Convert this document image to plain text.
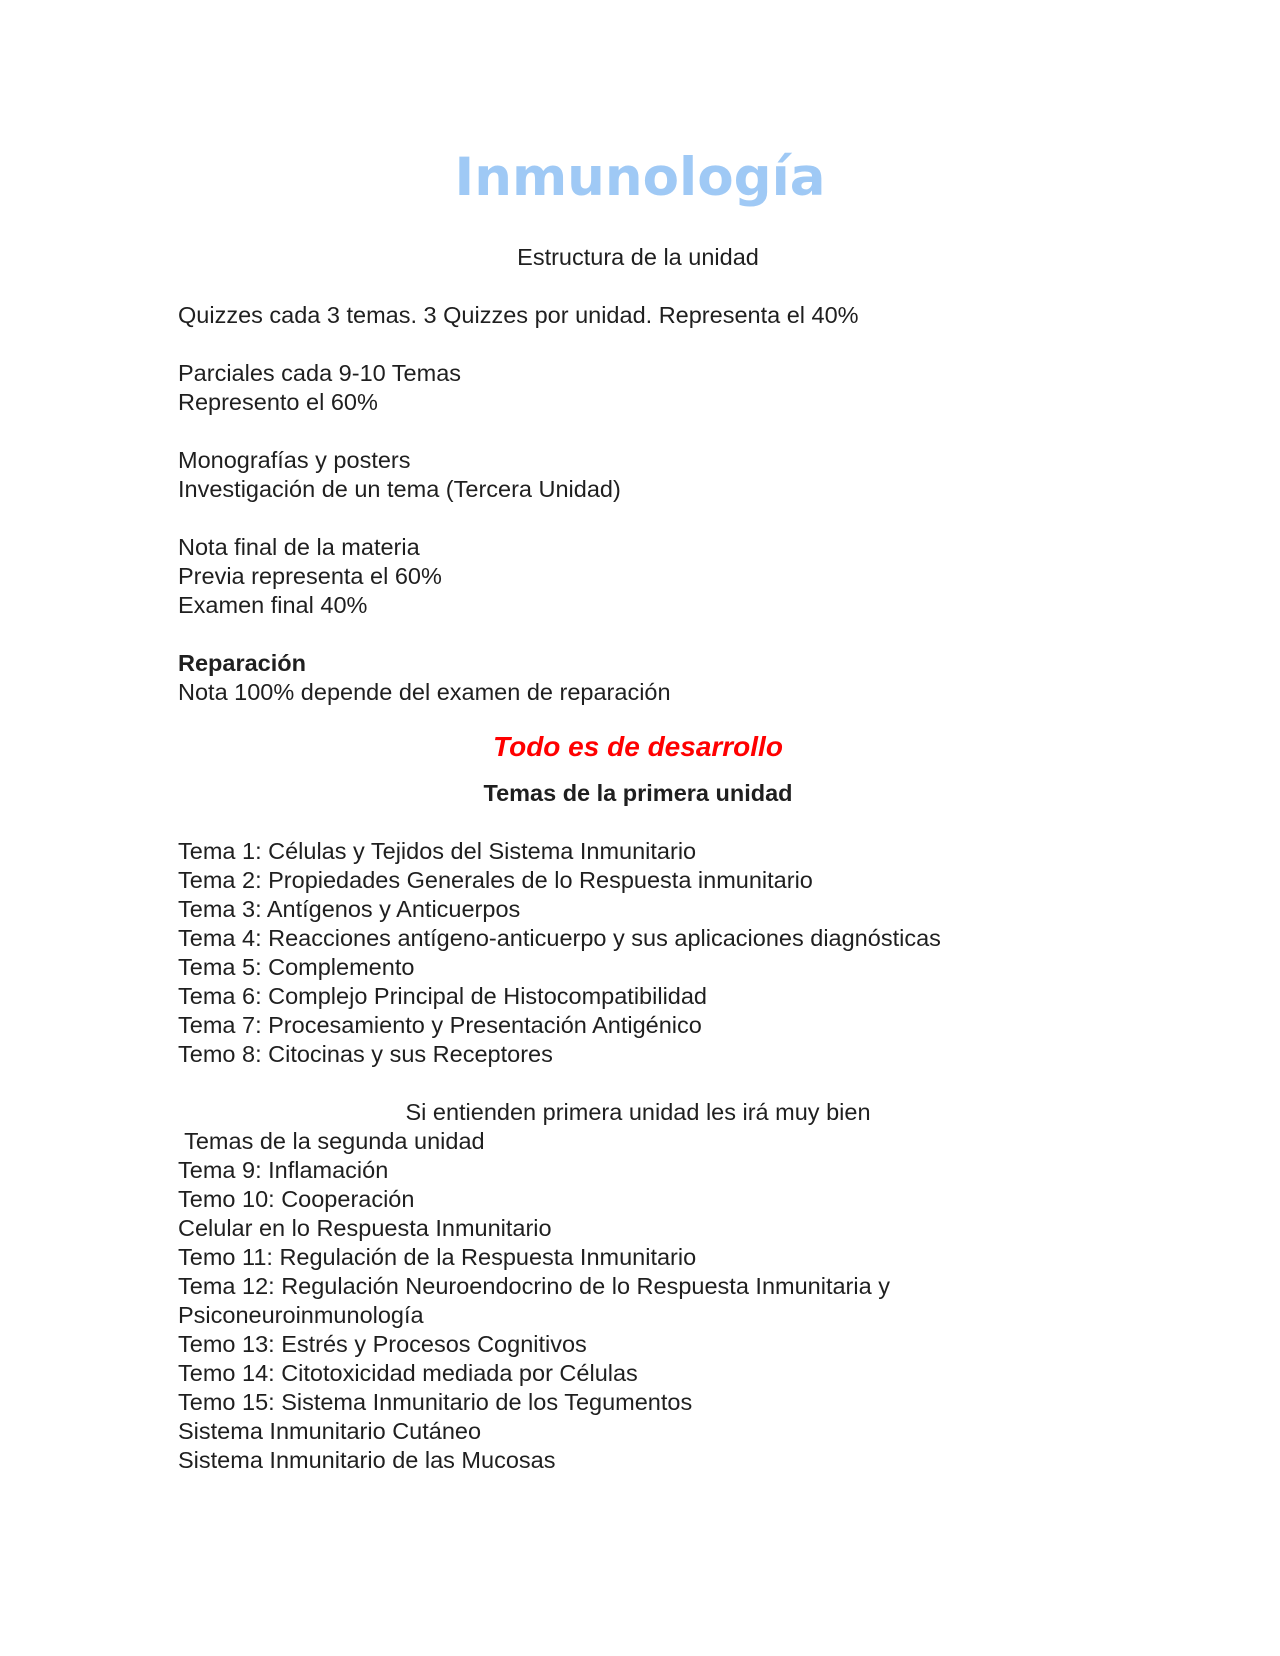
Inmunología
Estructura de la unidad
Quizzes cada 3 temas. 3 Quizzes por unidad. Representa el 40%
Parciales cada 9-10 Temas
Represento el 60%
Monografías y posters
Investigación de un tema (Tercera Unidad)
Nota final de la materia
Previa representa el 60%
Examen final 40%
Reparación
Nota 100% depende del examen de reparación
Todo es de desarrollo
Temas de la primera unidad
Tema 1: Células y Tejidos del Sistema Inmunitario
Tema 2: Propiedades Generales de lo Respuesta inmunitario
Tema 3: Antígenos y Anticuerpos
Tema 4: Reacciones antígeno-anticuerpo y sus aplicaciones diagnósticas
Tema 5: Complemento
Tema 6: Complejo Principal de Histocompatibilidad
Tema 7: Procesamiento y Presentación Antigénico
Temo 8: Citocinas y sus Receptores
Si entienden primera unidad les irá muy bien
Temas de la segunda unidad
Tema 9: Inflamación
Temo 10: Cooperación
Celular en lo Respuesta Inmunitario
Temo 11: Regulación de la Respuesta Inmunitario
Tema 12: Regulación Neuroendocrino de lo Respuesta Inmunitaria y
Psiconeuroinmunología
Temo 13: Estrés y Procesos Cognitivos
Temo 14: Citotoxicidad mediada por Células
Temo 15: Sistema Inmunitario de los Tegumentos
Sistema Inmunitario Cutáneo
Sistema Inmunitario de las Mucosas
